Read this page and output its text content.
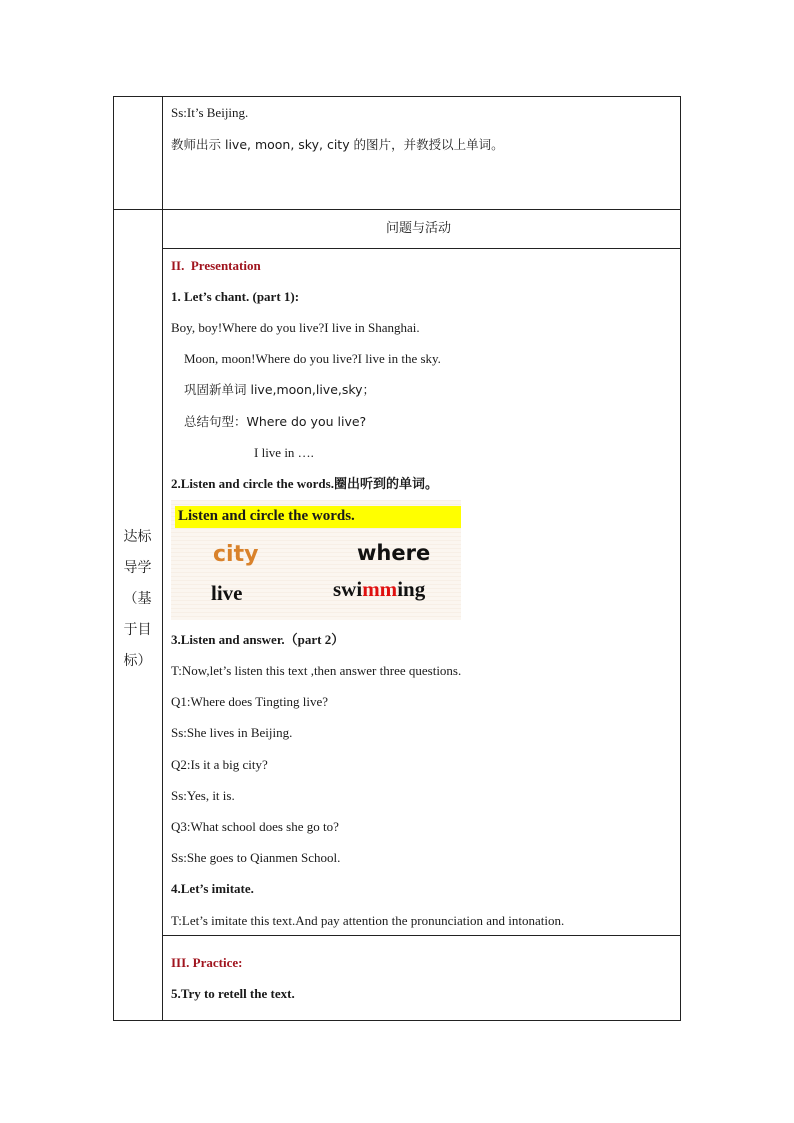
Ss:It’s Beijing.
教师出示 live, moon, sky, city 的图片，并教授以上单词。
达标
导学
（基
于目
标）
问题与活动
II.  Presentation
1. Let’s chant. (part 1):
Boy, boy!Where do you live?I live in Shanghai.
Moon, moon!Where do you live?I live in the sky.
巩固新单词 live,moon,live,sky；
总结句型：Where do you live?
I live in ….
2.Listen and circle the words.圈出听到的单词。
Listen and circle the words.
city	where
live	swimming
3.Listen and answer.（part 2）
T:Now,let’s listen this text ,then answer three questions.
Q1:Where does Tingting live?
Ss:She lives in Beijing.
Q2:Is it a big city?
Ss:Yes, it is.
Q3:What school does she go to?
Ss:She goes to Qianmen School.
4.Let’s imitate.
T:Let’s imitate this text.And pay attention the pronunciation and intonation.
III. Practice:
5.Try to retell the text.
